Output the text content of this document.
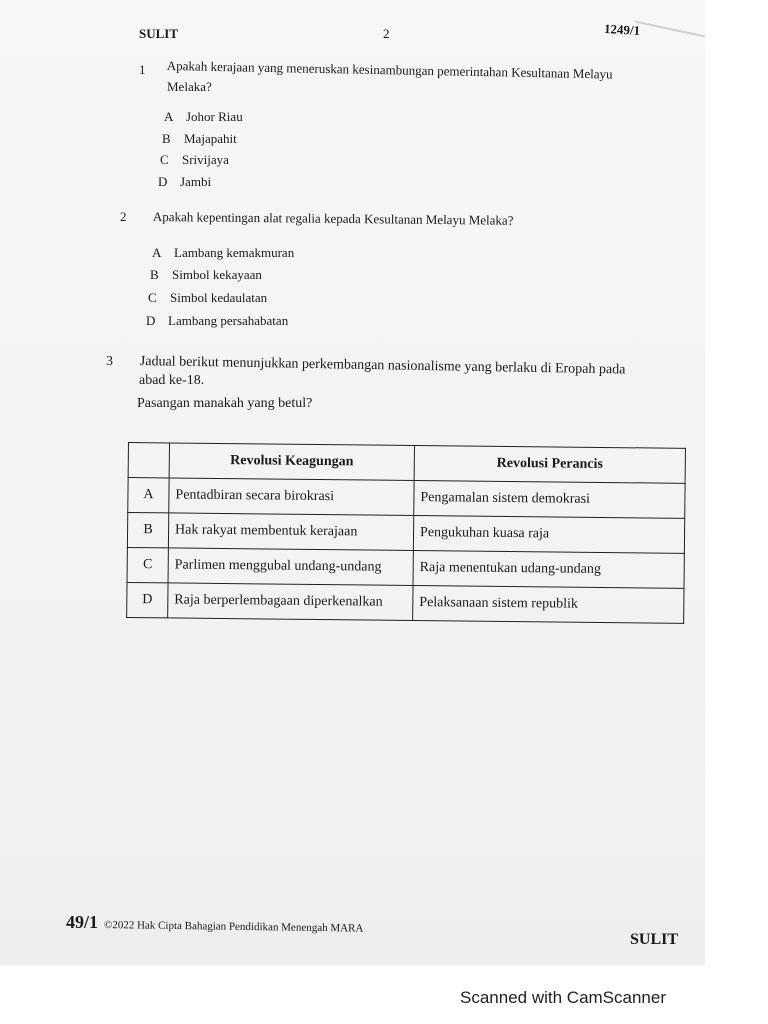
SULIT	2	1249/1
1 Apakah kerajaan yang meneruskan kesinambungan pemerintahan Kesultanan Melayu
Melaka?
A Johor Riau
B Majapahit
C Srivijaya
D Jambi
2 Apakah kepentingan alat regalia kepada Kesultanan Melayu Melaka?
A Lambang kemakmuran
B Simbol kekayaan
C Simbol kedaulatan
D Lambang persahabatan
3 Jadual berikut menunjukkan perkembangan nasionalisme yang berlaku di Eropah pada
abad ke-18.
Pasangan manakah yang betul?
	Revolusi Keagungan	Revolusi Perancis
A	Pentadbiran secara birokrasi	Pengamalan sistem demokrasi
B	Hak rakyat membentuk kerajaan	Pengukuhan kuasa raja
C	Parlimen menggubal undang-undang	Raja menentukan udang-undang
D	Raja berperlembagaan diperkenalkan	Pelaksanaan sistem republik
49/1 ©2022 Hak Cipta Bahagian Pendidikan Menengah MARA
SULIT
Scanned with CamScanner
